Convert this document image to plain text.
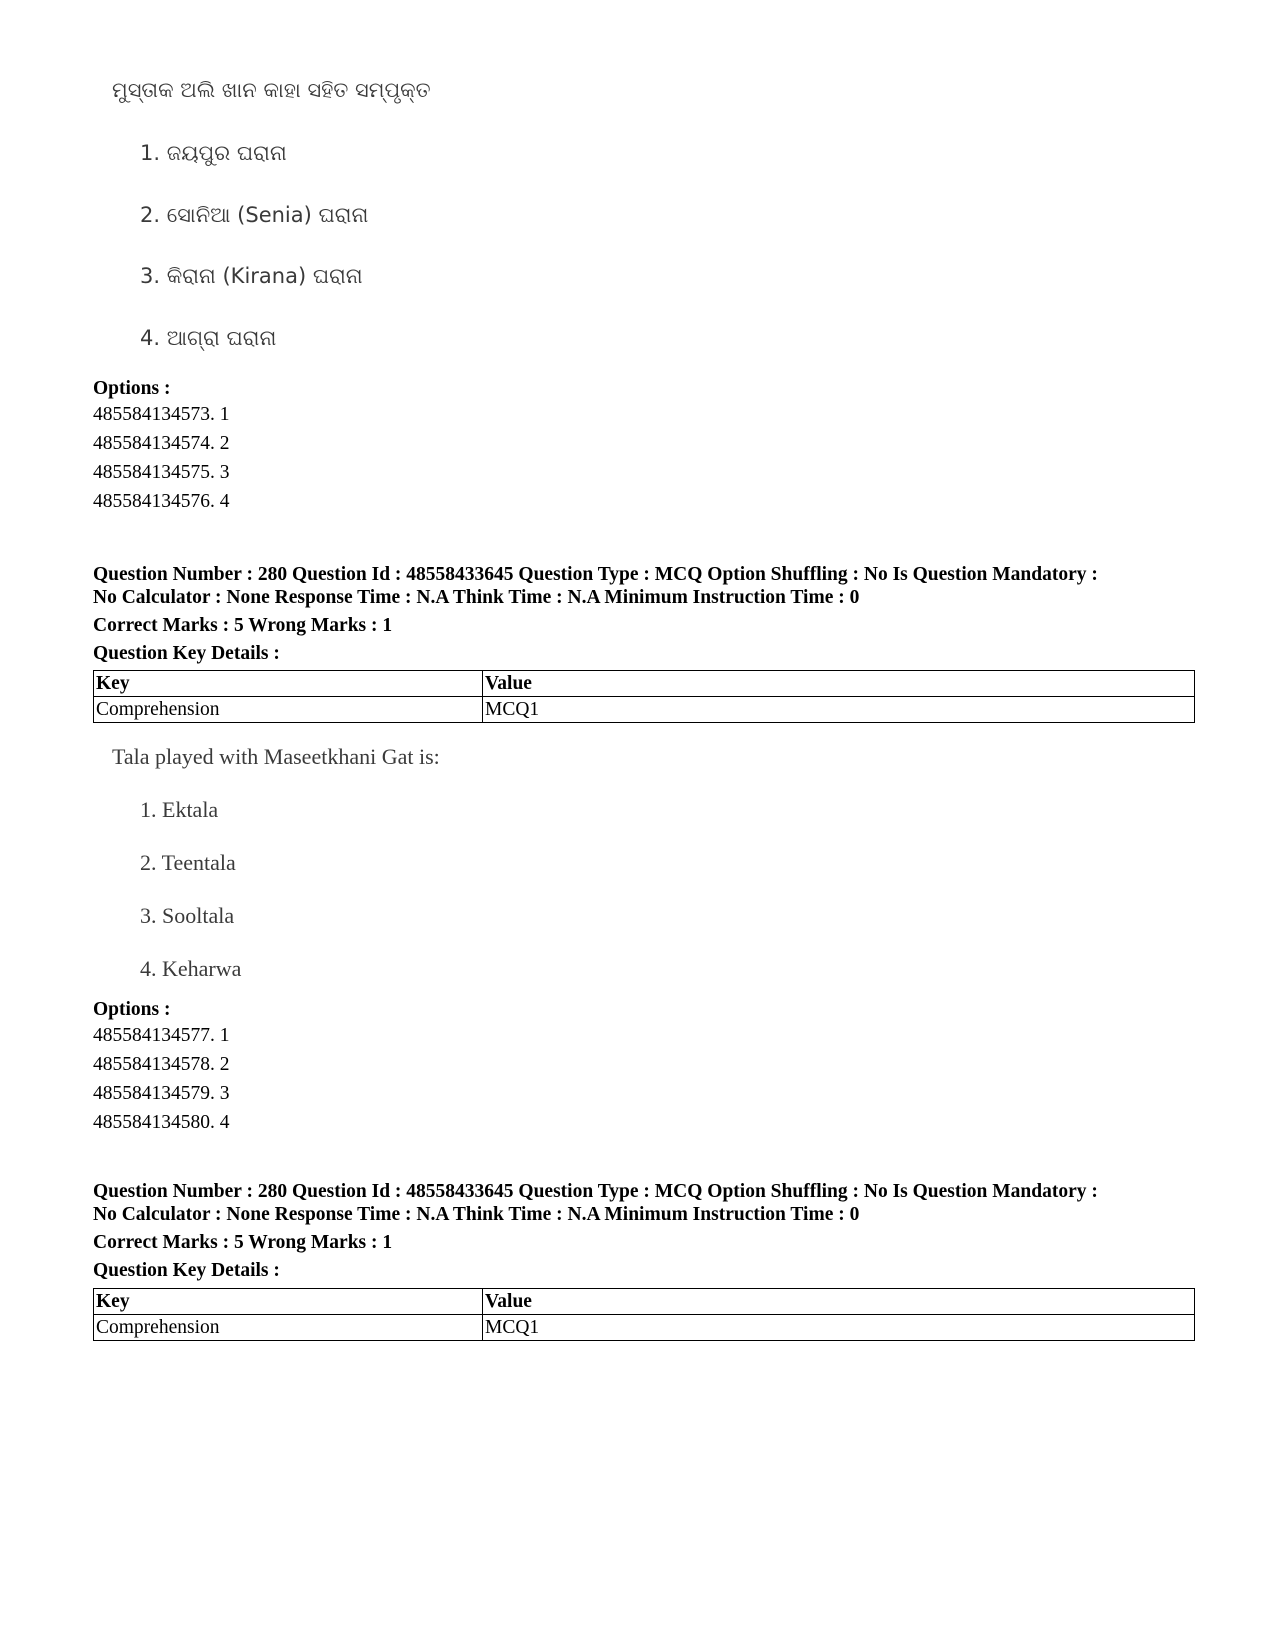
ମୁସ୍ତାକ ଅଲି ଖାନ କାହା ସହିତ ସମ୍ପୃକ୍ତ
1. ଜୟପୁର ଘରାନା
2. ସୋନିଆ (Senia) ଘରାନା
3. କିରାନା (Kirana) ଘରାନା
4. ଆଗ୍ରା ଘରାନା
Options :
485584134573. 1
485584134574. 2
485584134575. 3
485584134576. 4
Question Number : 280 Question Id : 48558433645 Question Type : MCQ Option Shuffling : No Is Question Mandatory :
No Calculator : None Response Time : N.A Think Time : N.A Minimum Instruction Time : 0
Correct Marks : 5 Wrong Marks : 1
Question Key Details :
Key	Value
Comprehension	MCQ1
Tala played with Maseetkhani Gat is:
1. Ektala
2. Teentala
3. Sooltala
4. Keharwa
Options :
485584134577. 1
485584134578. 2
485584134579. 3
485584134580. 4
Question Number : 280 Question Id : 48558433645 Question Type : MCQ Option Shuffling : No Is Question Mandatory :
No Calculator : None Response Time : N.A Think Time : N.A Minimum Instruction Time : 0
Correct Marks : 5 Wrong Marks : 1
Question Key Details :
Key	Value
Comprehension	MCQ1
